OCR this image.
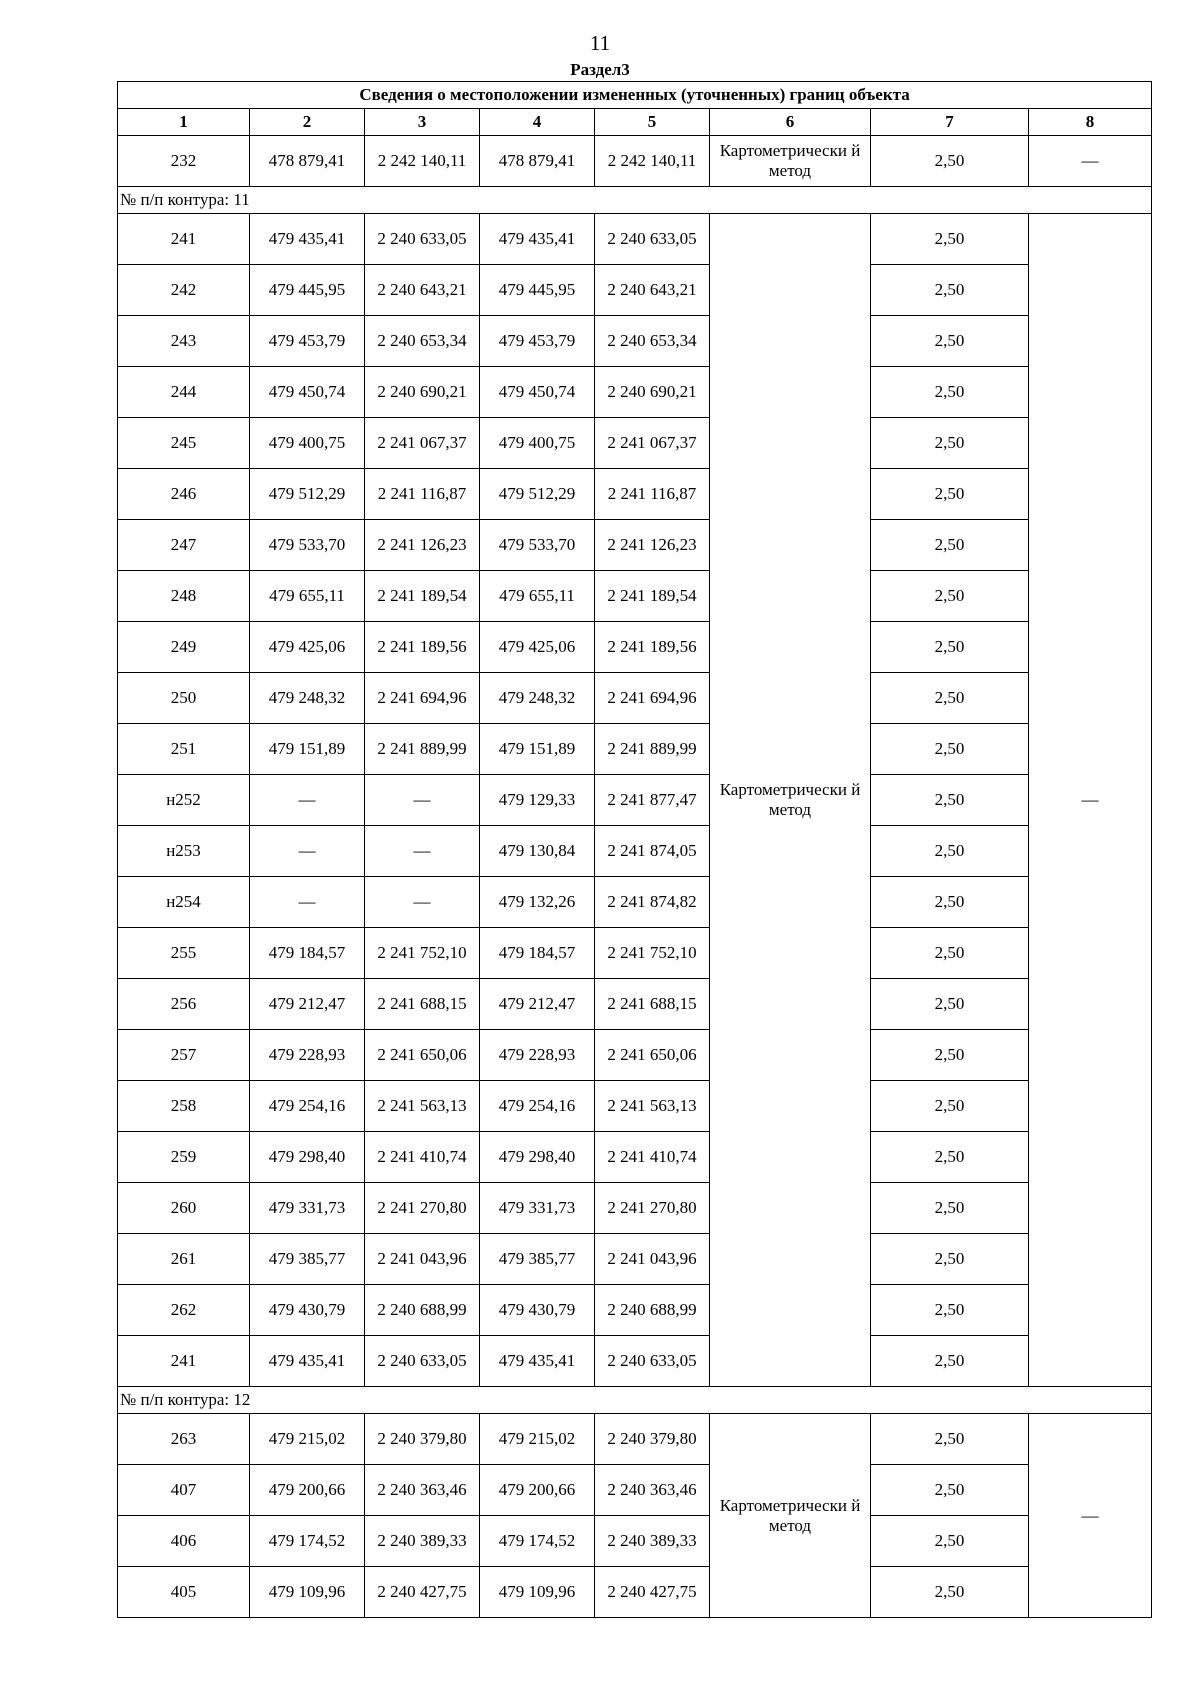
11
Раздел3
Сведения о местоположении измененных (уточненных) границ объекта							
1	2	3	4	5	6	7	8
232	478 879,41	2 242 140,11	478 879,41	2 242 140,11	Картометрически й метод	2,50	—
№ п/п контура: 11							
241	479 435,41	2 240 633,05	479 435,41	2 240 633,05	Картометрически й метод	2,50	—
242	479 445,95	2 240 643,21	479 445,95	2 240 643,21		2,50	
243	479 453,79	2 240 653,34	479 453,79	2 240 653,34		2,50	
244	479 450,74	2 240 690,21	479 450,74	2 240 690,21		2,50	
245	479 400,75	2 241 067,37	479 400,75	2 241 067,37		2,50	
246	479 512,29	2 241 116,87	479 512,29	2 241 116,87		2,50	
247	479 533,70	2 241 126,23	479 533,70	2 241 126,23		2,50	
248	479 655,11	2 241 189,54	479 655,11	2 241 189,54		2,50	
249	479 425,06	2 241 189,56	479 425,06	2 241 189,56		2,50	
250	479 248,32	2 241 694,96	479 248,32	2 241 694,96		2,50	
251	479 151,89	2 241 889,99	479 151,89	2 241 889,99		2,50	
н252	—	—	479 129,33	2 241 877,47		2,50	
н253	—	—	479 130,84	2 241 874,05		2,50	
н254	—	—	479 132,26	2 241 874,82		2,50	
255	479 184,57	2 241 752,10	479 184,57	2 241 752,10		2,50	
256	479 212,47	2 241 688,15	479 212,47	2 241 688,15		2,50	
257	479 228,93	2 241 650,06	479 228,93	2 241 650,06		2,50	
258	479 254,16	2 241 563,13	479 254,16	2 241 563,13		2,50	
259	479 298,40	2 241 410,74	479 298,40	2 241 410,74		2,50	
260	479 331,73	2 241 270,80	479 331,73	2 241 270,80		2,50	
261	479 385,77	2 241 043,96	479 385,77	2 241 043,96		2,50	
262	479 430,79	2 240 688,99	479 430,79	2 240 688,99		2,50	
241	479 435,41	2 240 633,05	479 435,41	2 240 633,05		2,50	
№ п/п контура: 12							
263	479 215,02	2 240 379,80	479 215,02	2 240 379,80	Картометрически й метод	2,50	—
407	479 200,66	2 240 363,46	479 200,66	2 240 363,46		2,50	
406	479 174,52	2 240 389,33	479 174,52	2 240 389,33		2,50	
405	479 109,96	2 240 427,75	479 109,96	2 240 427,75		2,50	
